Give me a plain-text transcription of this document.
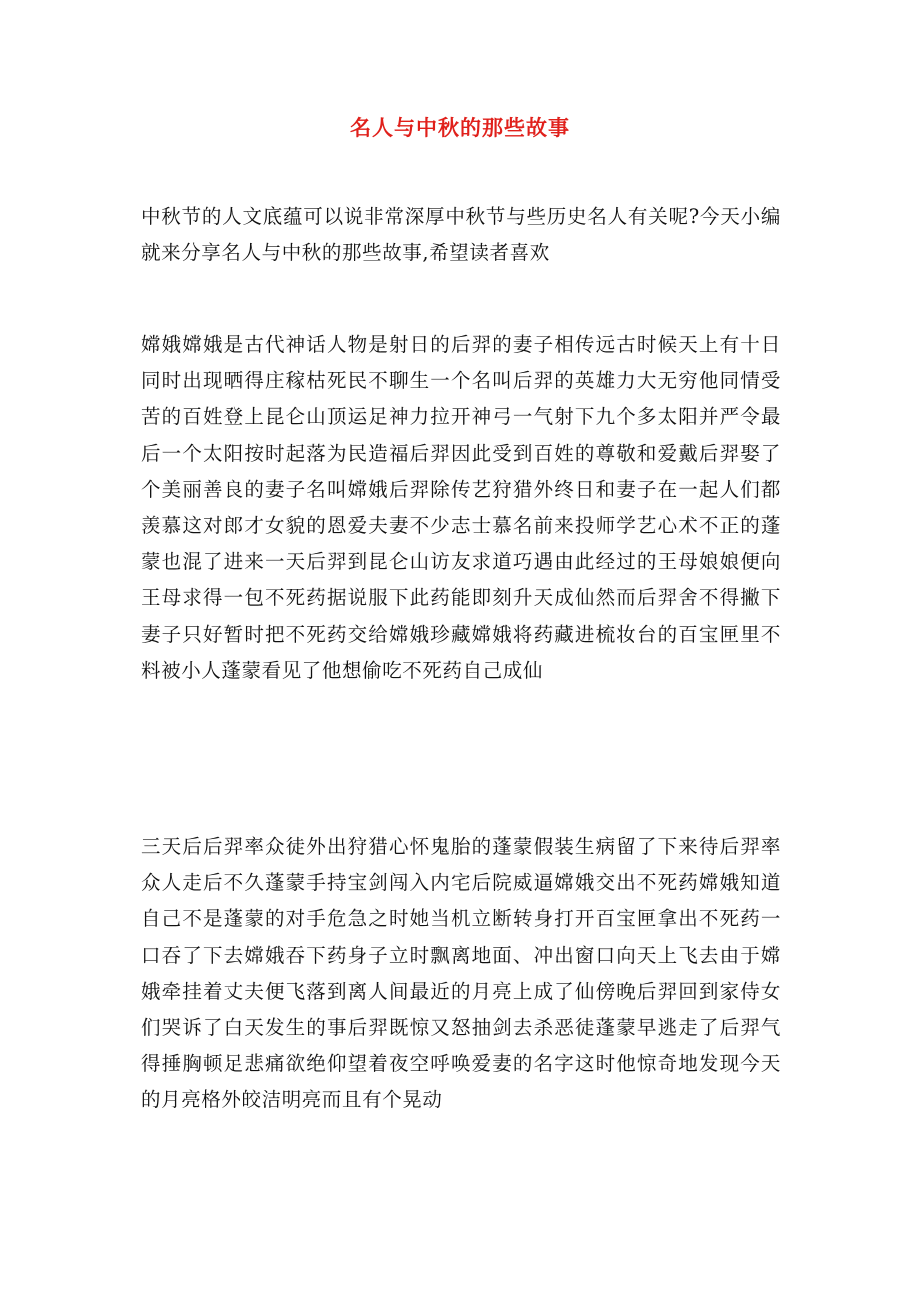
名人与中秋的那些故事

中秋节的人文底蕴可以说非常深厚中秋节与些历史名人有关呢?今天小编就来分享名人与中秋的那些故事,希望读者喜欢

嫦娥嫦娥是古代神话人物是射日的后羿的妻子相传远古时候天上有十日同时出现晒得庄稼枯死民不聊生一个名叫后羿的英雄力大无穷他同情受苦的百姓登上昆仑山顶运足神力拉开神弓一气射下九个多太阳并严令最后一个太阳按时起落为民造福后羿因此受到百姓的尊敬和爱戴后羿娶了个美丽善良的妻子名叫嫦娥后羿除传艺狩猎外终日和妻子在一起人们都羡慕这对郎才女貌的恩爱夫妻不少志士慕名前来投师学艺心术不正的蓬蒙也混了进来一天后羿到昆仑山访友求道巧遇由此经过的王母娘娘便向王母求得一包不死药据说服下此药能即刻升天成仙然而后羿舍不得撇下妻子只好暂时把不死药交给嫦娥珍藏嫦娥将药藏进梳妆台的百宝匣里不料被小人蓬蒙看见了他想偷吃不死药自己成仙

三天后后羿率众徒外出狩猎心怀鬼胎的蓬蒙假装生病留了下来待后羿率众人走后不久蓬蒙手持宝剑闯入内宅后院威逼嫦娥交出不死药嫦娥知道自己不是蓬蒙的对手危急之时她当机立断转身打开百宝匣拿出不死药一口吞了下去嫦娥吞下药身子立时飘离地面、冲出窗口向天上飞去由于嫦娥牵挂着丈夫便飞落到离人间最近的月亮上成了仙傍晚后羿回到家侍女们哭诉了白天发生的事后羿既惊又怒抽剑去杀恶徒蓬蒙早逃走了后羿气得捶胸顿足悲痛欲绝仰望着夜空呼唤爱妻的名字这时他惊奇地发现今天的月亮格外皎洁明亮而且有个晃动
